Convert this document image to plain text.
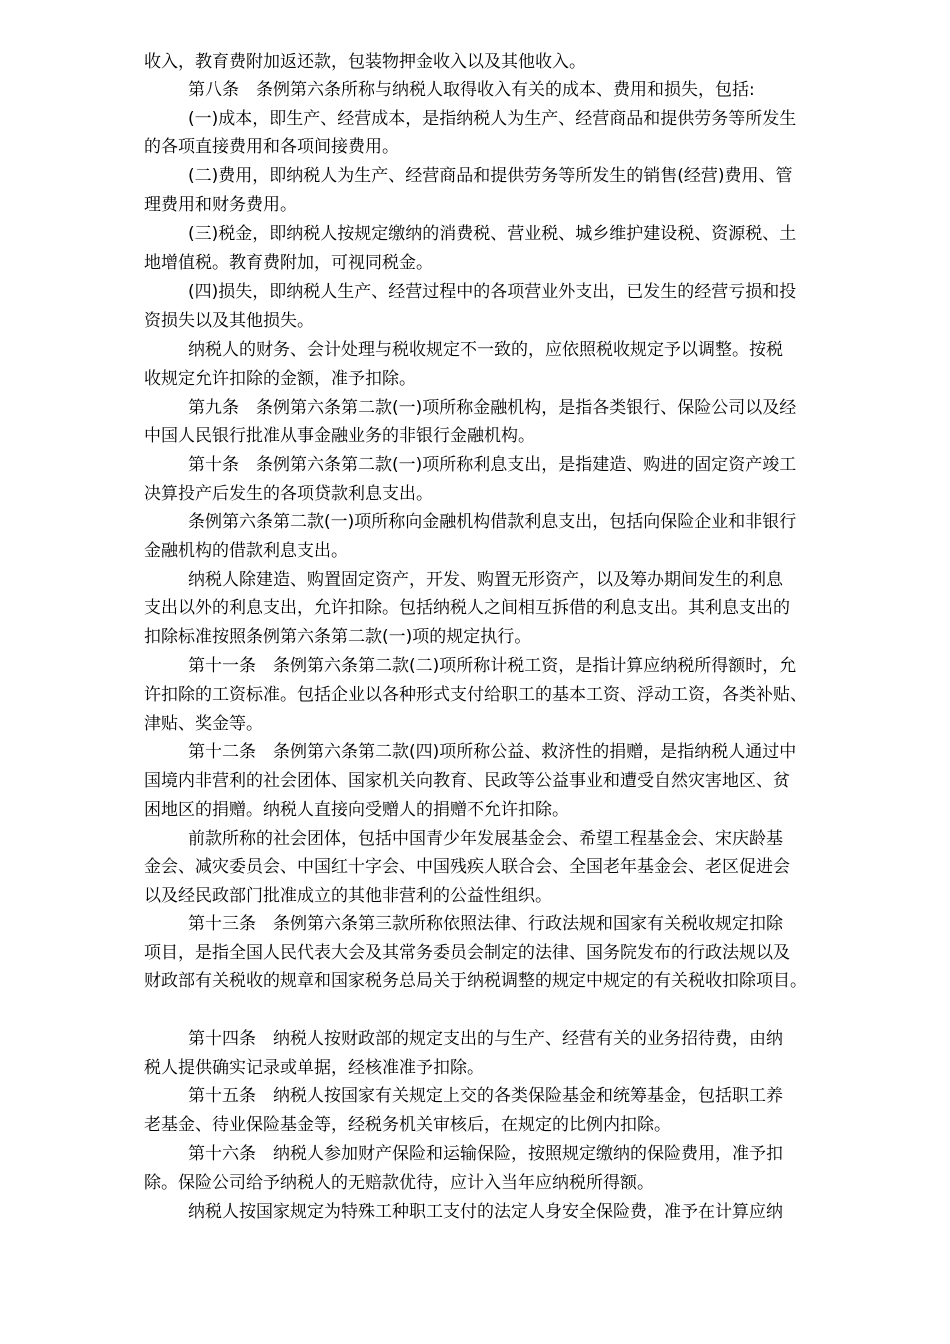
收入，教育费附加返还款，包装物押金收入以及其他收入。
第八条　条例第六条所称与纳税人取得收入有关的成本、费用和损失，包括:
(一)成本，即生产、经营成本，是指纳税人为生产、经营商品和提供劳务等所发生
的各项直接费用和各项间接费用。
(二)费用，即纳税人为生产、经营商品和提供劳务等所发生的销售(经营)费用、管
理费用和财务费用。
(三)税金，即纳税人按规定缴纳的消费税、营业税、城乡维护建设税、资源税、土
地增值税。教育费附加，可视同税金。
(四)损失，即纳税人生产、经营过程中的各项营业外支出，已发生的经营亏损和投
资损失以及其他损失。
纳税人的财务、会计处理与税收规定不一致的，应依照税收规定予以调整。按税
收规定允许扣除的金额，准予扣除。
第九条　条例第六条第二款(一)项所称金融机构，是指各类银行、保险公司以及经
中国人民银行批准从事金融业务的非银行金融机构。
第十条　条例第六条第二款(一)项所称利息支出，是指建造、购进的固定资产竣工
决算投产后发生的各项贷款利息支出。
条例第六条第二款(一)项所称向金融机构借款利息支出，包括向保险企业和非银行
金融机构的借款利息支出。
纳税人除建造、购置固定资产，开发、购置无形资产，以及筹办期间发生的利息
支出以外的利息支出，允许扣除。包括纳税人之间相互拆借的利息支出。其利息支出的
扣除标准按照条例第六条第二款(一)项的规定执行。
第十一条　条例第六条第二款(二)项所称计税工资，是指计算应纳税所得额时，允
许扣除的工资标准。包括企业以各种形式支付给职工的基本工资、浮动工资，各类补贴、
津贴、奖金等。
第十二条　条例第六条第二款(四)项所称公益、救济性的捐赠，是指纳税人通过中
国境内非营利的社会团体、国家机关向教育、民政等公益事业和遭受自然灾害地区、贫
困地区的捐赠。纳税人直接向受赠人的捐赠不允许扣除。
前款所称的社会团体，包括中国青少年发展基金会、希望工程基金会、宋庆龄基
金会、减灾委员会、中国红十字会、中国残疾人联合会、全国老年基金会、老区促进会
以及经民政部门批准成立的其他非营利的公益性组织。
第十三条　条例第六条第三款所称依照法律、行政法规和国家有关税收规定扣除
项目，是指全国人民代表大会及其常务委员会制定的法律、国务院发布的行政法规以及
财政部有关税收的规章和国家税务总局关于纳税调整的规定中规定的有关税收扣除项目。
第十四条　纳税人按财政部的规定支出的与生产、经营有关的业务招待费，由纳
税人提供确实记录或单据，经核准准予扣除。
第十五条　纳税人按国家有关规定上交的各类保险基金和统筹基金，包括职工养
老基金、待业保险基金等，经税务机关审核后，在规定的比例内扣除。
第十六条　纳税人参加财产保险和运输保险，按照规定缴纳的保险费用，准予扣
除。保险公司给予纳税人的无赔款优待，应计入当年应纳税所得额。
纳税人按国家规定为特殊工种职工支付的法定人身安全保险费，准予在计算应纳
